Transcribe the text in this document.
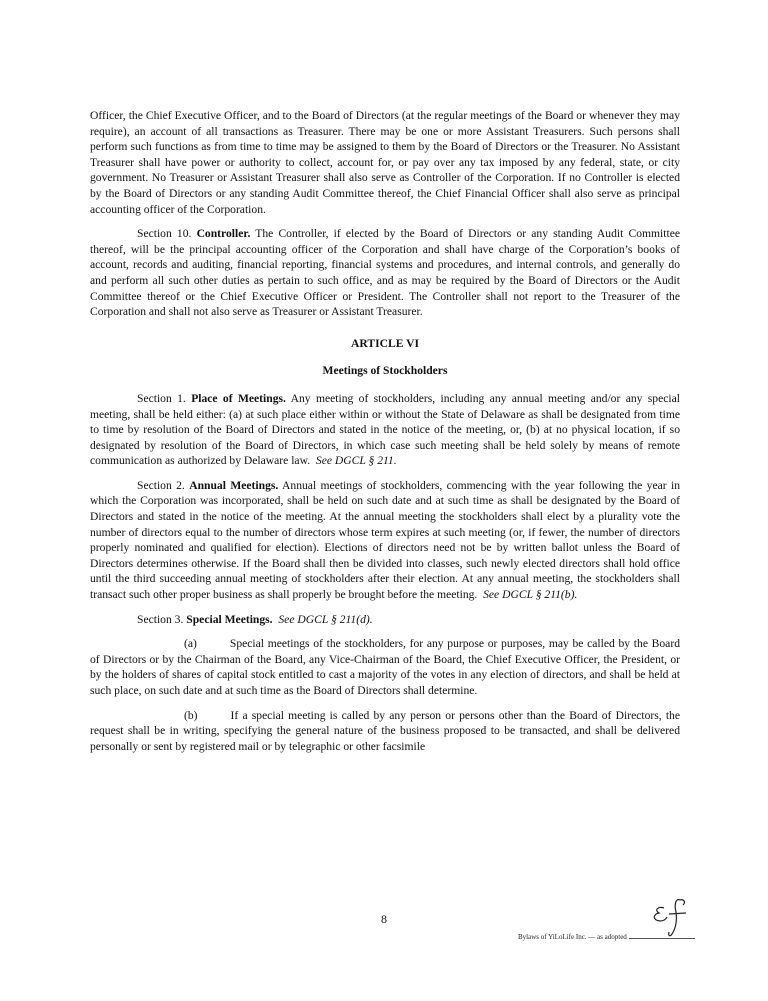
Officer, the Chief Executive Officer, and to the Board of Directors (at the regular meetings of the Board or whenever they may require), an account of all transactions as Treasurer. There may be one or more Assistant Treasurers. Such persons shall perform such functions as from time to time may be assigned to them by the Board of Directors or the Treasurer. No Assistant Treasurer shall have power or authority to collect, account for, or pay over any tax imposed by any federal, state, or city government. No Treasurer or Assistant Treasurer shall also serve as Controller of the Corporation. If no Controller is elected by the Board of Directors or any standing Audit Committee thereof, the Chief Financial Officer shall also serve as principal accounting officer of the Corporation.

Section 10. Controller. The Controller, if elected by the Board of Directors or any standing Audit Committee thereof, will be the principal accounting officer of the Corporation and shall have charge of the Corporation’s books of account, records and auditing, financial reporting, financial systems and procedures, and internal controls, and generally do and perform all such other duties as pertain to such office, and as may be required by the Board of Directors or the Audit Committee thereof or the Chief Executive Officer or President. The Controller shall not report to the Treasurer of the Corporation and shall not also serve as Treasurer or Assistant Treasurer.

ARTICLE VI
Meetings of Stockholders

Section 1. Place of Meetings. Any meeting of stockholders, including any annual meeting and/or any special meeting, shall be held either: (a) at such place either within or without the State of Delaware as shall be designated from time to time by resolution of the Board of Directors and stated in the notice of the meeting, or, (b) at no physical location, if so designated by resolution of the Board of Directors, in which case such meeting shall be held solely by means of remote communication as authorized by Delaware law. See DGCL § 211.

Section 2. Annual Meetings. Annual meetings of stockholders, commencing with the year following the year in which the Corporation was incorporated, shall be held on such date and at such time as shall be designated by the Board of Directors and stated in the notice of the meeting. At the annual meeting the stockholders shall elect by a plurality vote the number of directors equal to the number of directors whose term expires at such meeting (or, if fewer, the number of directors properly nominated and qualified for election). Elections of directors need not be by written ballot unless the Board of Directors determines otherwise. If the Board shall then be divided into classes, such newly elected directors shall hold office until the third succeeding annual meeting of stockholders after their election. At any annual meeting, the stockholders shall transact such other proper business as shall properly be brought before the meeting. See DGCL § 211(b).

Section 3. Special Meetings. See DGCL § 211(d).

(a)	Special meetings of the stockholders, for any purpose or purposes, may be called by the Board of Directors or by the Chairman of the Board, any Vice-Chairman of the Board, the Chief Executive Officer, the President, or by the holders of shares of capital stock entitled to cast a majority of the votes in any election of directors, and shall be held at such place, on such date and at such time as the Board of Directors shall determine.

(b)	If a special meeting is called by any person or persons other than the Board of Directors, the request shall be in writing, specifying the general nature of the business proposed to be transacted, and shall be delivered personally or sent by registered mail or by telegraphic or other facsimile

8
Bylaws of YiLoLife Inc. — as adopted
